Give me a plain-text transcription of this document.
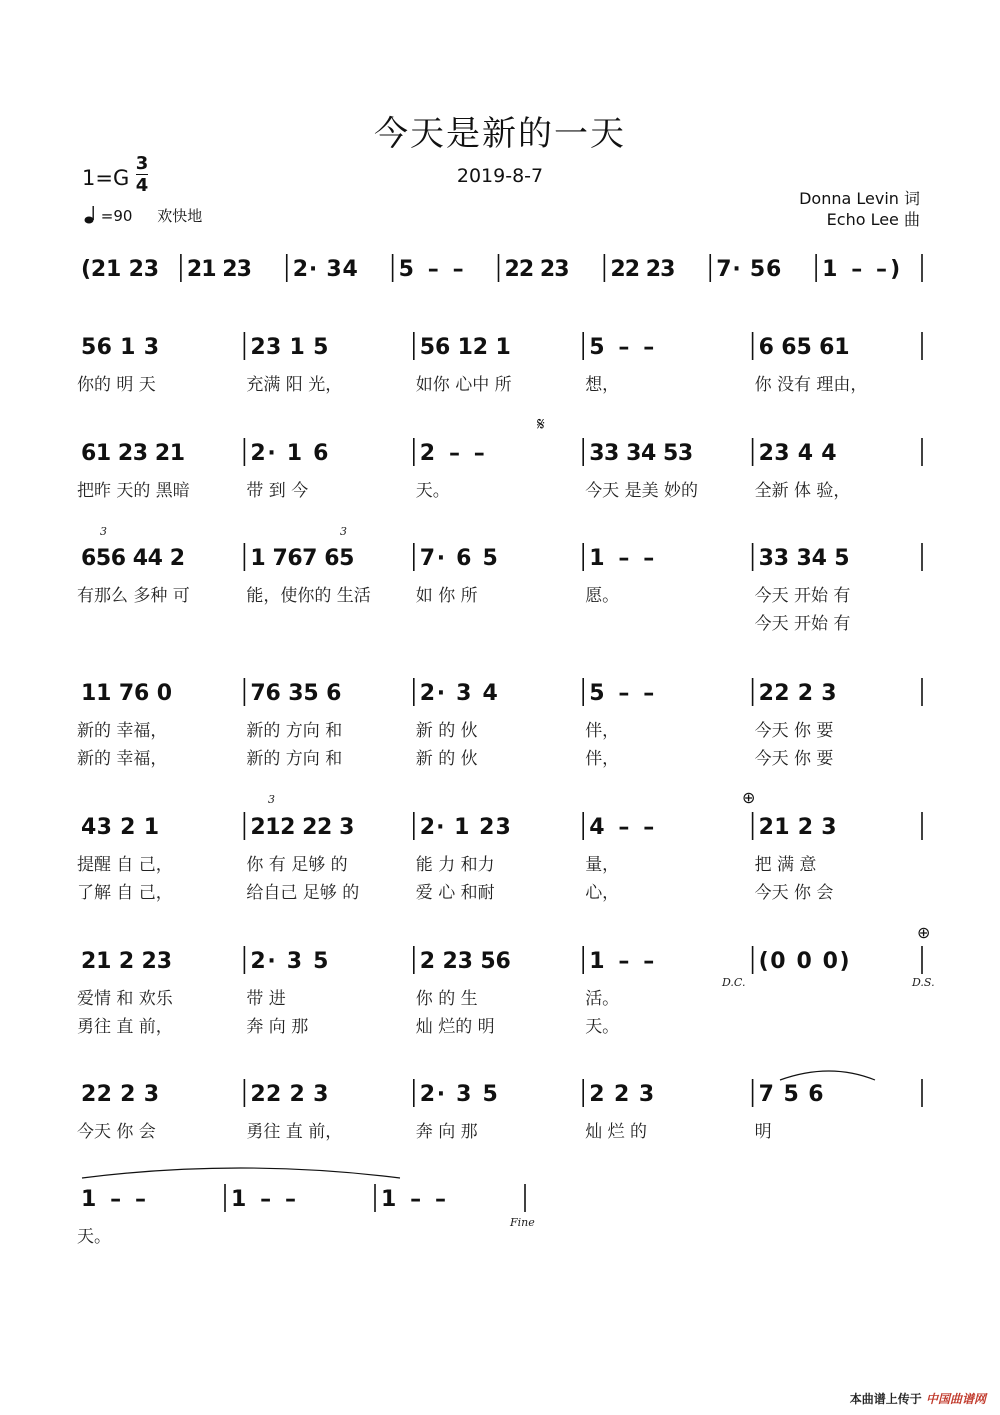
今天是新的一天
2019-8-7
1=G
3
4
=90 欢快地
Donna Levin 词
Echo Lee 曲
(21 23 21 23 2· 34 5 – – 22 23 22 23 7· 56 1 – –)
56 1 3
你的 明 天
23 1 5
充满 阳 光，
56 12 1
如你 心中 所
5 – –
想，
6 65 61
你 没有 理由，
61 23 21
把昨 天的 黑暗
2· 1 6
带 到 今
2 – –
天。
33 34 53
今天 是美 妙的
23 4 4
全新 体 验，
656 44 2
有那么 多种 可
1 767 65
能，使你的 生活
7· 6 5
如 你 所
1 – –
愿。
33 34 5
今天 开始 有
今天 开始 有
11 76 0
新的 幸福，
新的 幸福，
76 35 6
新的 方向 和
新的 方向 和
2· 3 4
新 的 伙
新 的 伙
5 – –
伴，
伴，
22 2 3
今天 你 要
今天 你 要
43 2 1
提醒 自 己，
了解 自 己，
212 22 3
你 有 足够 的
给自己 足够 的
2· 1 23
能 力 和力
爱 心 和耐
4 – –
量，
心，
21 2 3
把 满 意
今天 你 会
21 2 23
爱情 和 欢乐
勇往 直 前，
2· 3 5
带 进
奔 向 那
2 23 56
你 的 生
灿 烂的 明
1 – –
活。
天。
(0 0 0)
22 2 3
今天 你 会
22 2 3
勇往 直 前，
2· 3 5
奔 向 那
2 2 3
灿 烂 的
7 5 6
明
1 – –
天。
1 – –	1 – –
D.C.	D.S.
Fine
3	3
3
𝄋
⊕
⊕
本曲谱上传于 中国曲谱网
